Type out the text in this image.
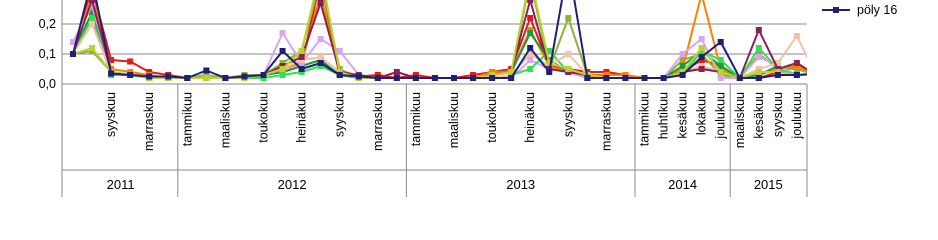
0,0
0,1
0,2
syyskuu marraskuu tammikuu maaliskuu toukokuu heinäkuu syyskuu marraskuu tammikuu maaliskuu toukokuu heinäkuu syyskuu marraskuu tammikuu huhtikuu kesäkuu lokakuu joulukuu maaliskuu kesäkuu syyskuu joulukuu
2011	2012	2013	2014	2015
pöly 16
